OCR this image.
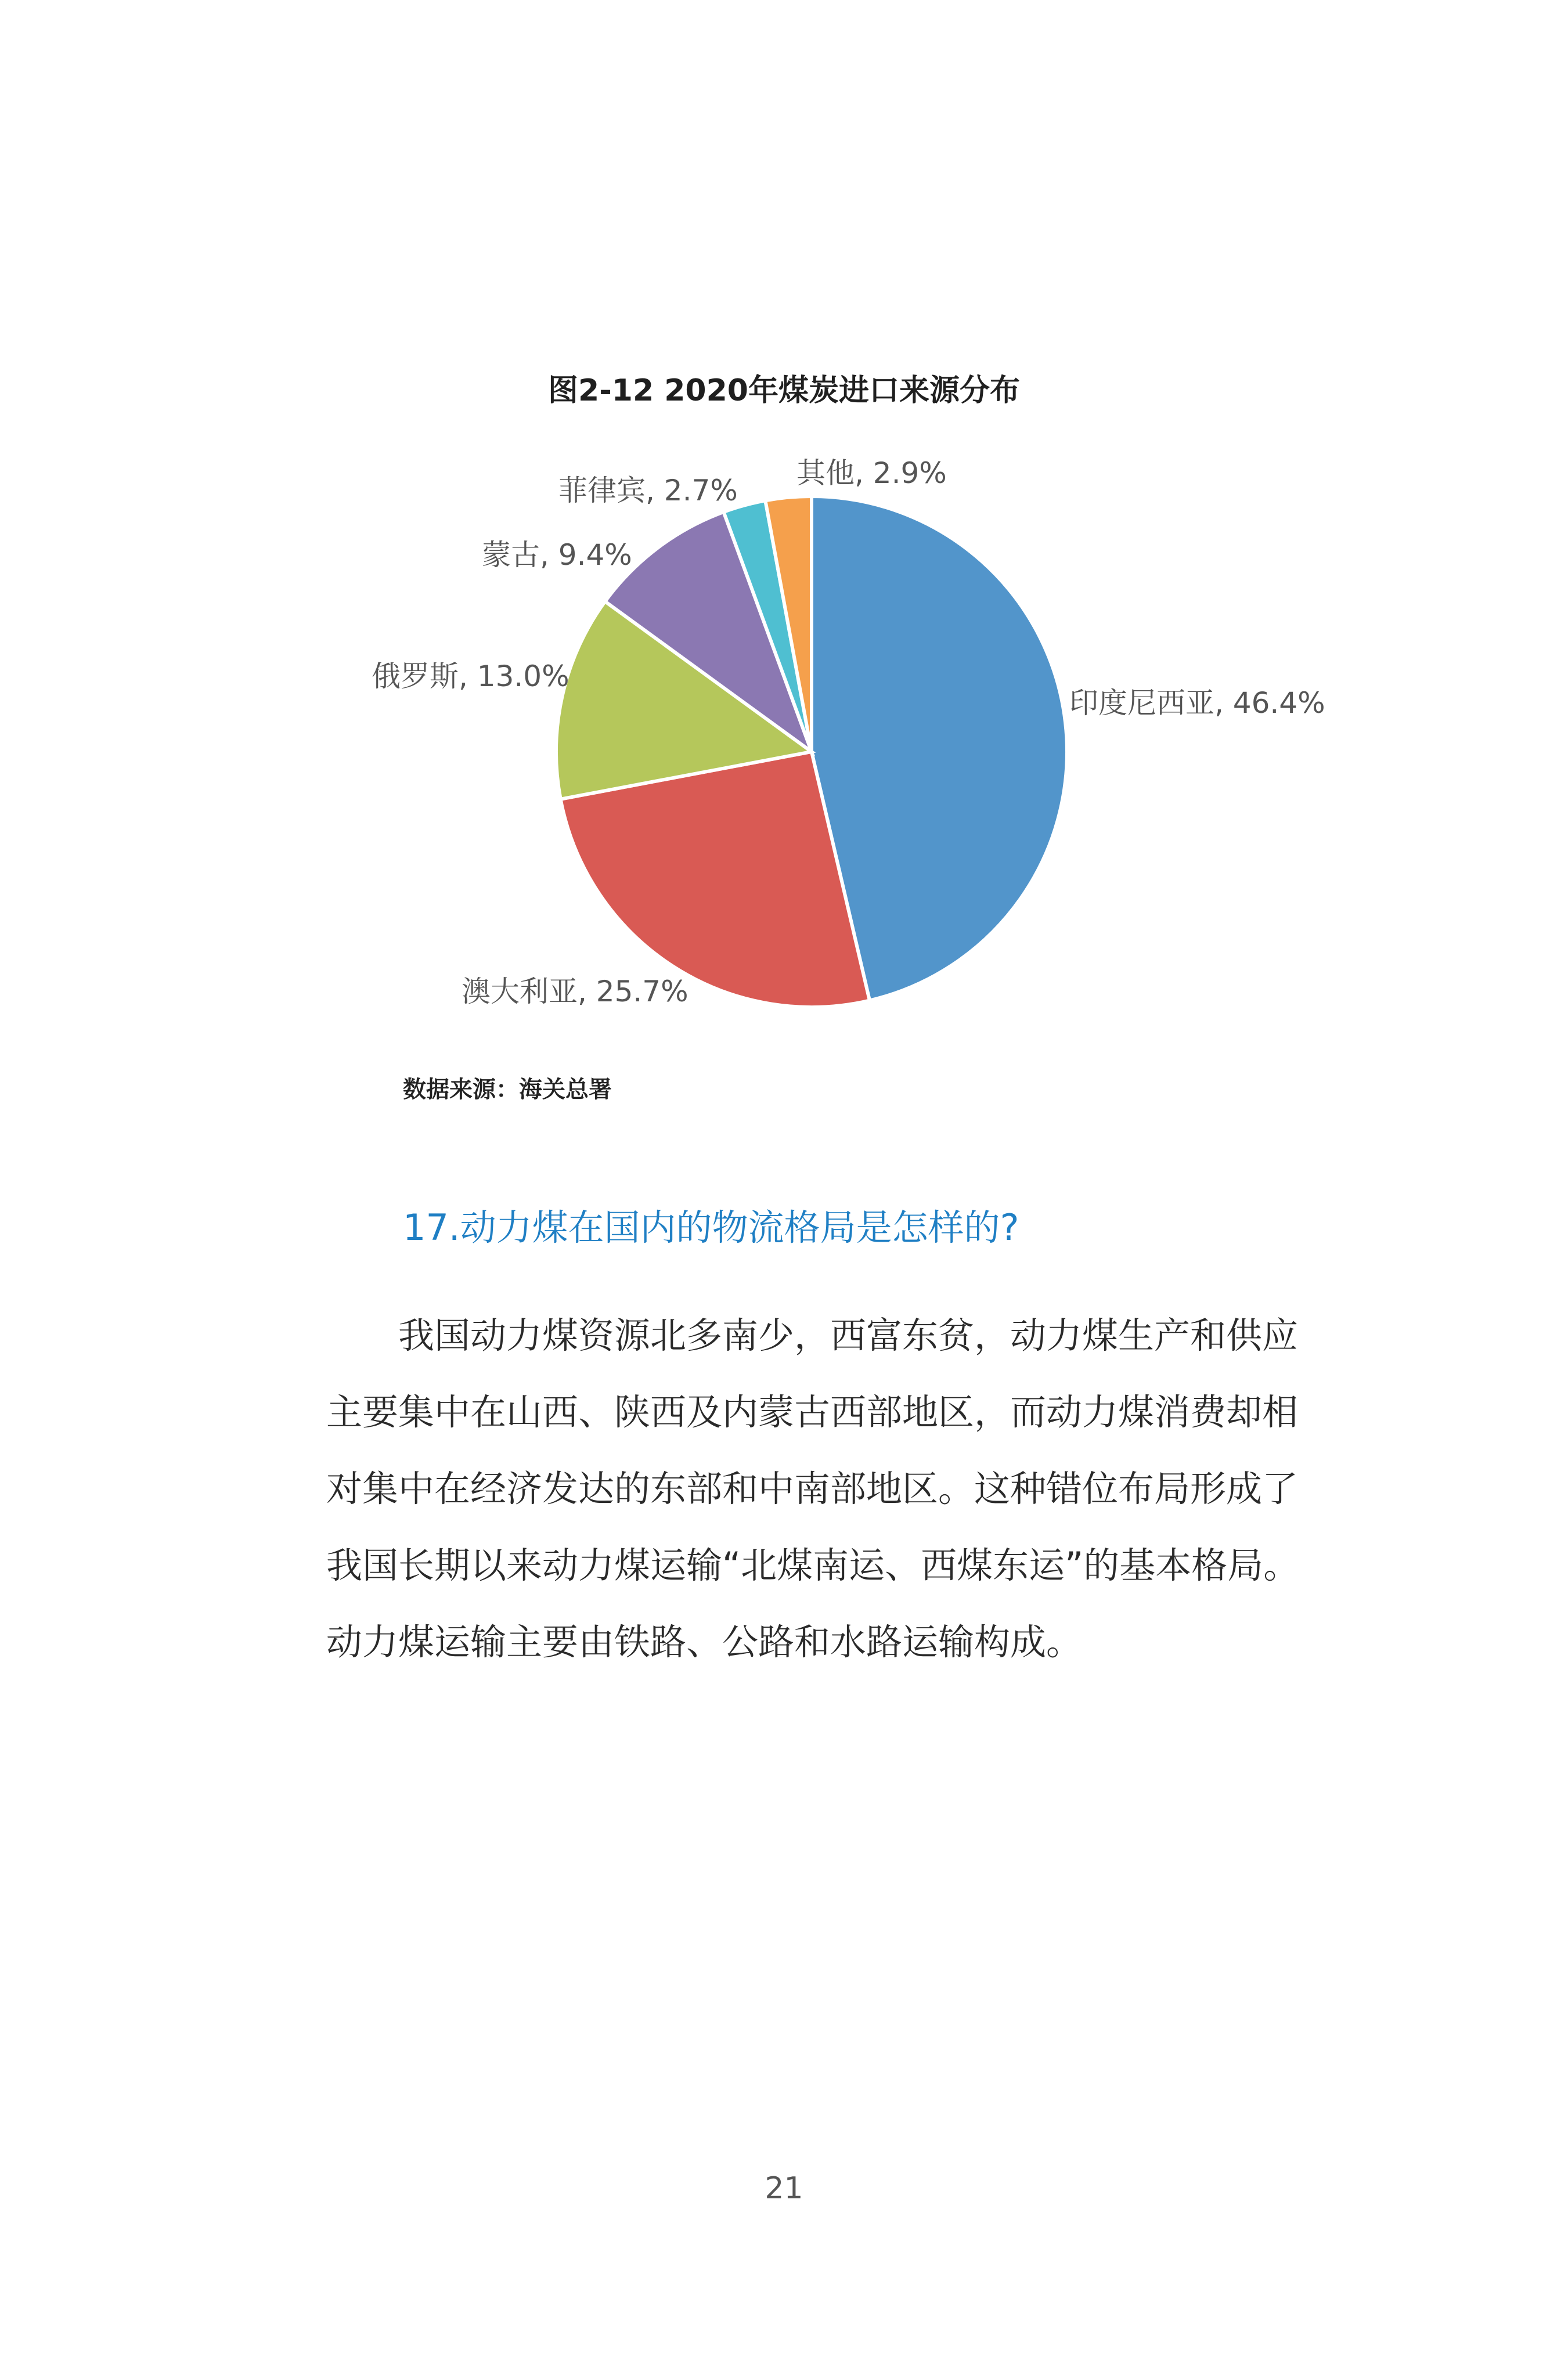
图2-12 2020年煤炭进口来源分布
印度尼西亚, 46.4%
澳大利亚, 25.7%
俄罗斯, 13.0%
蒙古, 9.4%
菲律宾, 2.7%
其他, 2.9%
数据来源：海关总署
17.动力煤在国内的物流格局是怎样的?

我国动力煤资源北多南少，西富东贫，动力煤生产和供应主要集中在山西、陕西及内蒙古西部地区，而动力煤消费却相对集中在经济发达的东部和中南部地区。这种错位布局形成了我国长期以来动力煤运输“北煤南运、西煤东运”的基本格局。动力煤运输主要由铁路、公路和水路运输构成。

21
